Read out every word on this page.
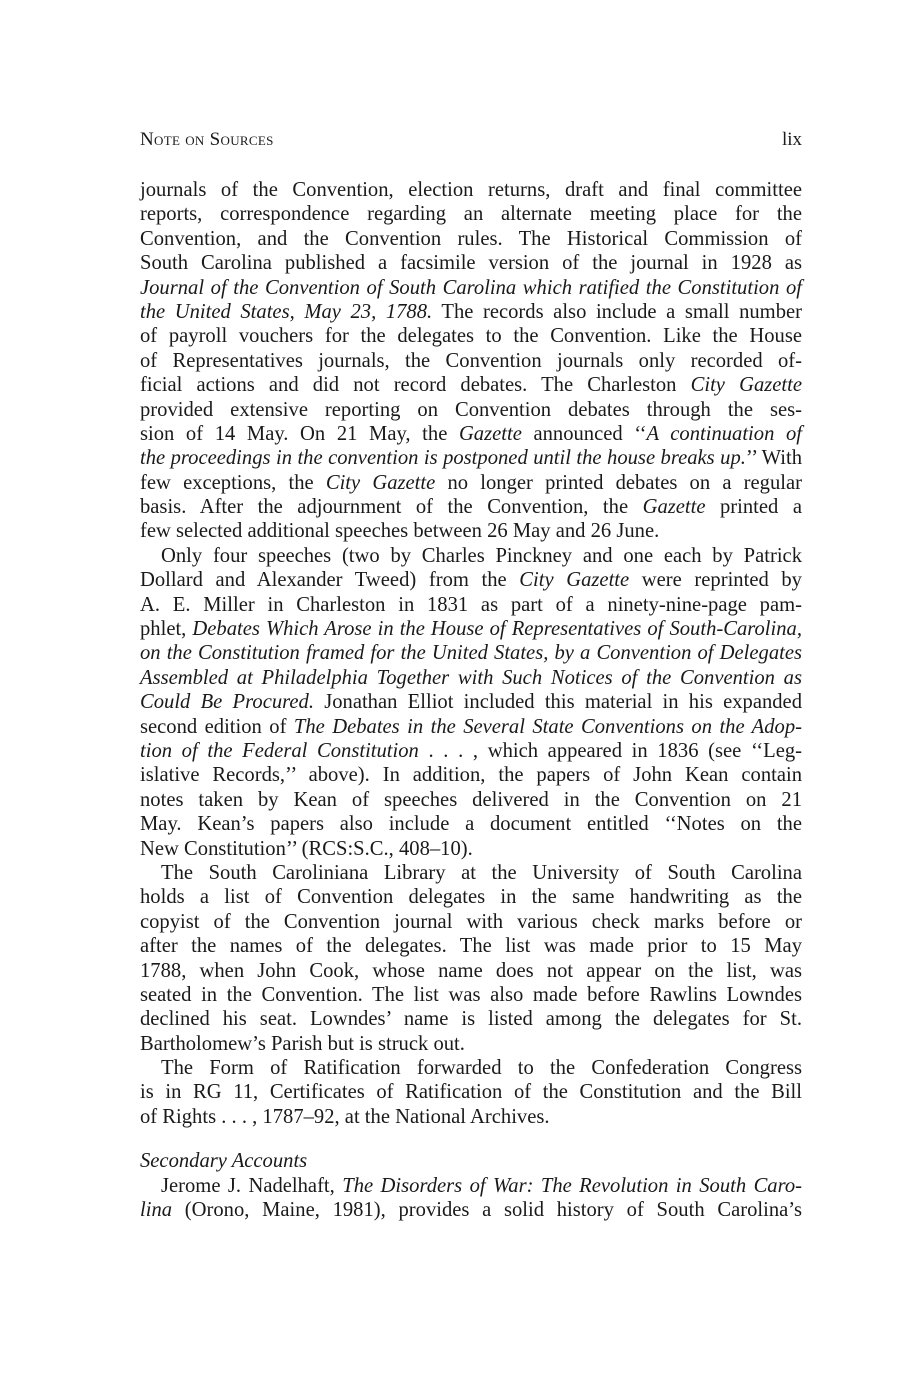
Note on Sources	lix
journals of the Convention, election returns, draft and final committee
reports, correspondence regarding an alternate meeting place for the
Convention, and the Convention rules. The Historical Commission of
South Carolina published a facsimile version of the journal in 1928 as
Journal of the Convention of South Carolina which ratified the Constitution of
the United States, May 23, 1788. The records also include a small number
of payroll vouchers for the delegates to the Convention. Like the House
of Representatives journals, the Convention journals only recorded of-
ficial actions and did not record debates. The Charleston City Gazette
provided extensive reporting on Convention debates through the ses-
sion of 14 May. On 21 May, the Gazette announced ‘‘A continuation of
the proceedings in the convention is postponed until the house breaks up.’’ With
few exceptions, the City Gazette no longer printed debates on a regular
basis. After the adjournment of the Convention, the Gazette printed a
few selected additional speeches between 26 May and 26 June.
Only four speeches (two by Charles Pinckney and one each by Patrick
Dollard and Alexander Tweed) from the City Gazette were reprinted by
A. E. Miller in Charleston in 1831 as part of a ninety-nine-page pam-
phlet, Debates Which Arose in the House of Representatives of South-Carolina,
on the Constitution framed for the United States, by a Convention of Delegates
Assembled at Philadelphia Together with Such Notices of the Convention as
Could Be Procured. Jonathan Elliot included this material in his expanded
second edition of The Debates in the Several State Conventions on the Adop-
tion of the Federal Constitution . . . , which appeared in 1836 (see ‘‘Leg-
islative Records,’’ above). In addition, the papers of John Kean contain
notes taken by Kean of speeches delivered in the Convention on 21
May. Kean’s papers also include a document entitled ‘‘Notes on the
New Constitution’’ (RCS:S.C., 408–10).
The South Caroliniana Library at the University of South Carolina
holds a list of Convention delegates in the same handwriting as the
copyist of the Convention journal with various check marks before or
after the names of the delegates. The list was made prior to 15 May
1788, when John Cook, whose name does not appear on the list, was
seated in the Convention. The list was also made before Rawlins Lowndes
declined his seat. Lowndes’ name is listed among the delegates for St.
Bartholomew’s Parish but is struck out.
The Form of Ratification forwarded to the Confederation Congress
is in RG 11, Certificates of Ratification of the Constitution and the Bill
of Rights . . . , 1787–92, at the National Archives.
Secondary Accounts
Jerome J. Nadelhaft, The Disorders of War: The Revolution in South Caro-
lina (Orono, Maine, 1981), provides a solid history of South Carolina’s
